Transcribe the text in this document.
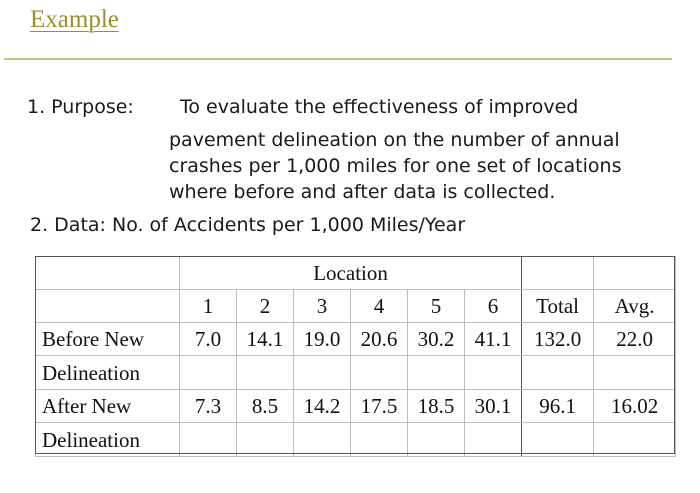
Example
1. Purpose: To evaluate the effectiveness of improved
pavement delineation on the number of annual
crashes per 1,000 miles for one set of locations
where before and after data is collected.
2. Data: No. of Accidents per 1,000 Miles/Year
	Location							
	1	2	3	4	5	6	Total	Avg.
Before New	7.0	14.1	19.0	20.6	30.2	41.1	132.0	22.0
Delineation								
After New	7.3	8.5	14.2	17.5	18.5	30.1	96.1	16.02
Delineation								
